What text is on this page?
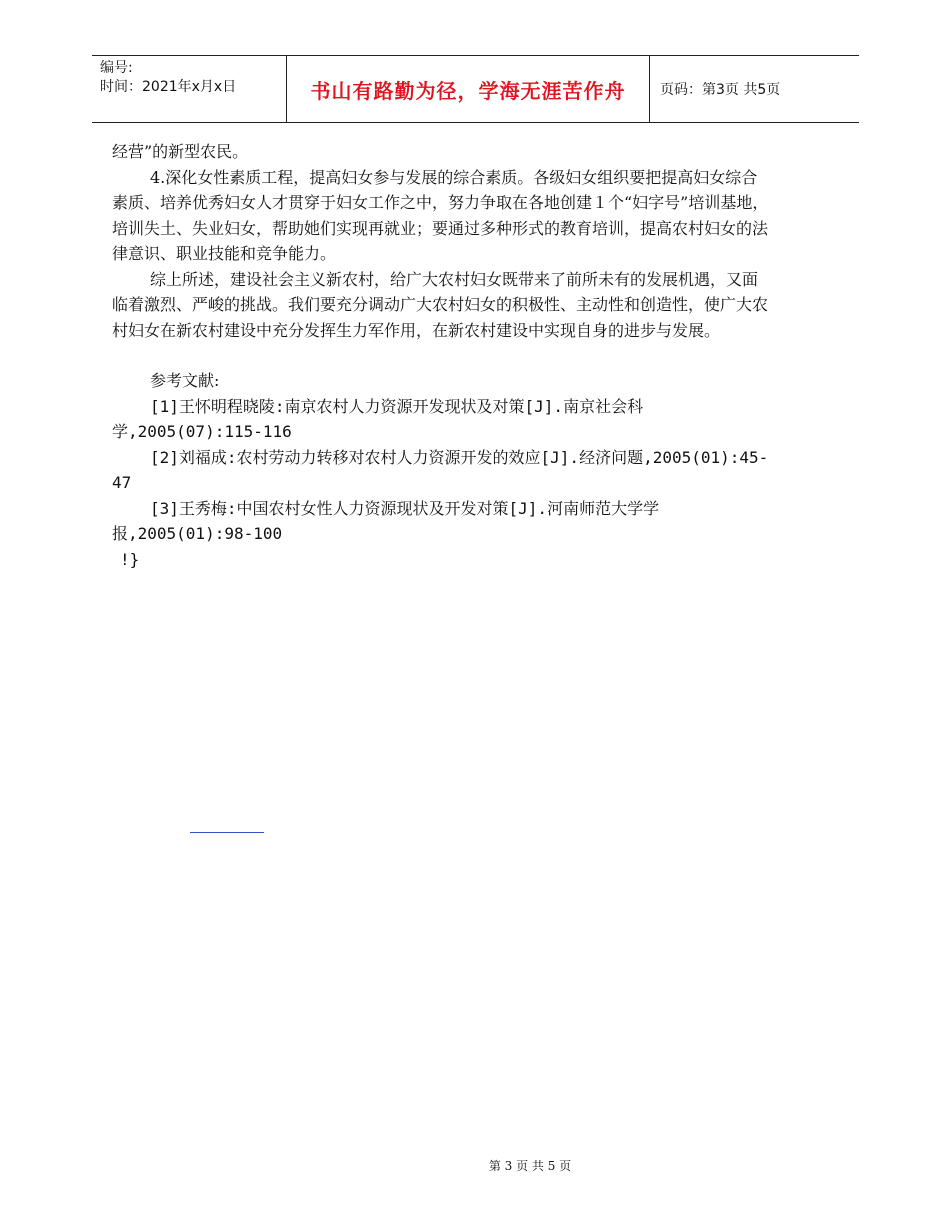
编号:
时间：2021年x月x日	书山有路勤为径，学海无涯苦作舟	页码：第3页 共5页

经营”的新型农民。

4.深化女性素质工程，提高妇女参与发展的综合素质。各级妇女组织要把提高妇女综合素质、培养优秀妇女人才贯穿于妇女工作之中，努力争取在各地创建１个“妇字号”培训基地，培训失土、失业妇女，帮助她们实现再就业；要通过多种形式的教育培训，提高农村妇女的法律意识、职业技能和竞争能力。

综上所述，建设社会主义新农村，给广大农村妇女既带来了前所未有的发展机遇，又面临着激烈、严峻的挑战。我们要充分调动广大农村妇女的积极性、主动性和创造性，使广大农村妇女在新农村建设中充分发挥生力军作用，在新农村建设中实现自身的进步与发展。

参考文献:

[1]王怀明程晓陵:南京农村人力资源开发现状及对策[J].南京社会科学,2005(07):115-116

[2]刘福成:农村劳动力转移对农村人力资源开发的效应[J].经济问题,2005(01):45-47

[3]王秀梅:中国农村女性人力资源现状及开发对策[J].河南师范大学学报,2005(01):98-100

!}

第 3 页 共 5 页
